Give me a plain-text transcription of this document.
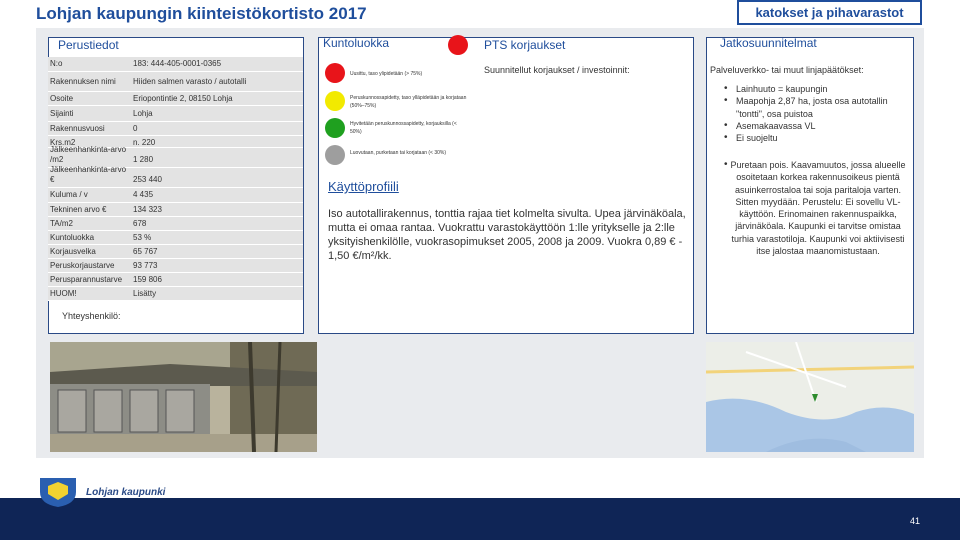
Lohjan kaupungin kiinteistökortisto 2017	katokset ja pihavarastot
Perustiedot	Kuntoluokka	PTS korjaukset	Jatkosuunnitelmat
N:o	183: 444-405-0001-0365
Rakennuksen nimi	Hiiden salmen varasto / autotalli
Osoite	Eriopontintie 2, 08150 Lohja
Sijainti	Lohja
Rakennusvuosi	0
Krs.m2	n. 220
Jälkeenhankinta-arvo /m2	1 280
Jälkeenhankinta-arvo €	253 440
Kuluma / v	4 435
Tekninen arvo €	134 323
TA/m2	678
Kuntoluokka	53 %
Korjausvelka	65 767
Peruskorjaustarve	93 773
Perusparannustarve	159 806
HUOM!	Lisätty
Uusittu, taso ylipidetään (> 75%)
Peruskunnossapidetty, taso ylläpidetään ja korjataan (50%–75%)
Hyvitetään peruskunnossapidetty, korjauksilla (< 50%)
Luovutaan, purketaan tai korjataan (< 30%)
Suunnitellut korjaukset / investoinnit:
Käyttöprofiili
Iso autotallirakennus, tonttia rajaa tiet kolmelta sivulta. Upea järvinäköala, mutta ei omaa rantaa. Vuokrattu varastokäyttöön 1:lle yritykselle ja 2:lle yksityishenkilölle, vuokrasopimukset 2005, 2008 ja 2009. Vuokra 0,89 € - 1,50 €/m²/kk.
Palveluverkko- tai muut linjapäätökset:
• Lainhuuto = kaupungin
• Maapohja 2,87 ha, josta osa autotallin "tontti", osa puistoa
• Asemakaavassa VL
• Ei suojeltu
• Puretaan pois. Kaavamuutos, jossa alueelle osoitetaan korkea rakennusoikeus pientä asuinkerrostaloa tai soja paritaloja varten. Sitten myydään. Perustelu: Ei sovellu VL-käyttöön. Erinomainen rakennuspaikka, järvinäköala. Kaupunki ei tarvitse omistaa turhia varastotiloja. Kaupunki voi aktiivisesti itse jalostaa maanomistustaan.
Yhteyshenkilö:
Lohjan kaupunki
41
